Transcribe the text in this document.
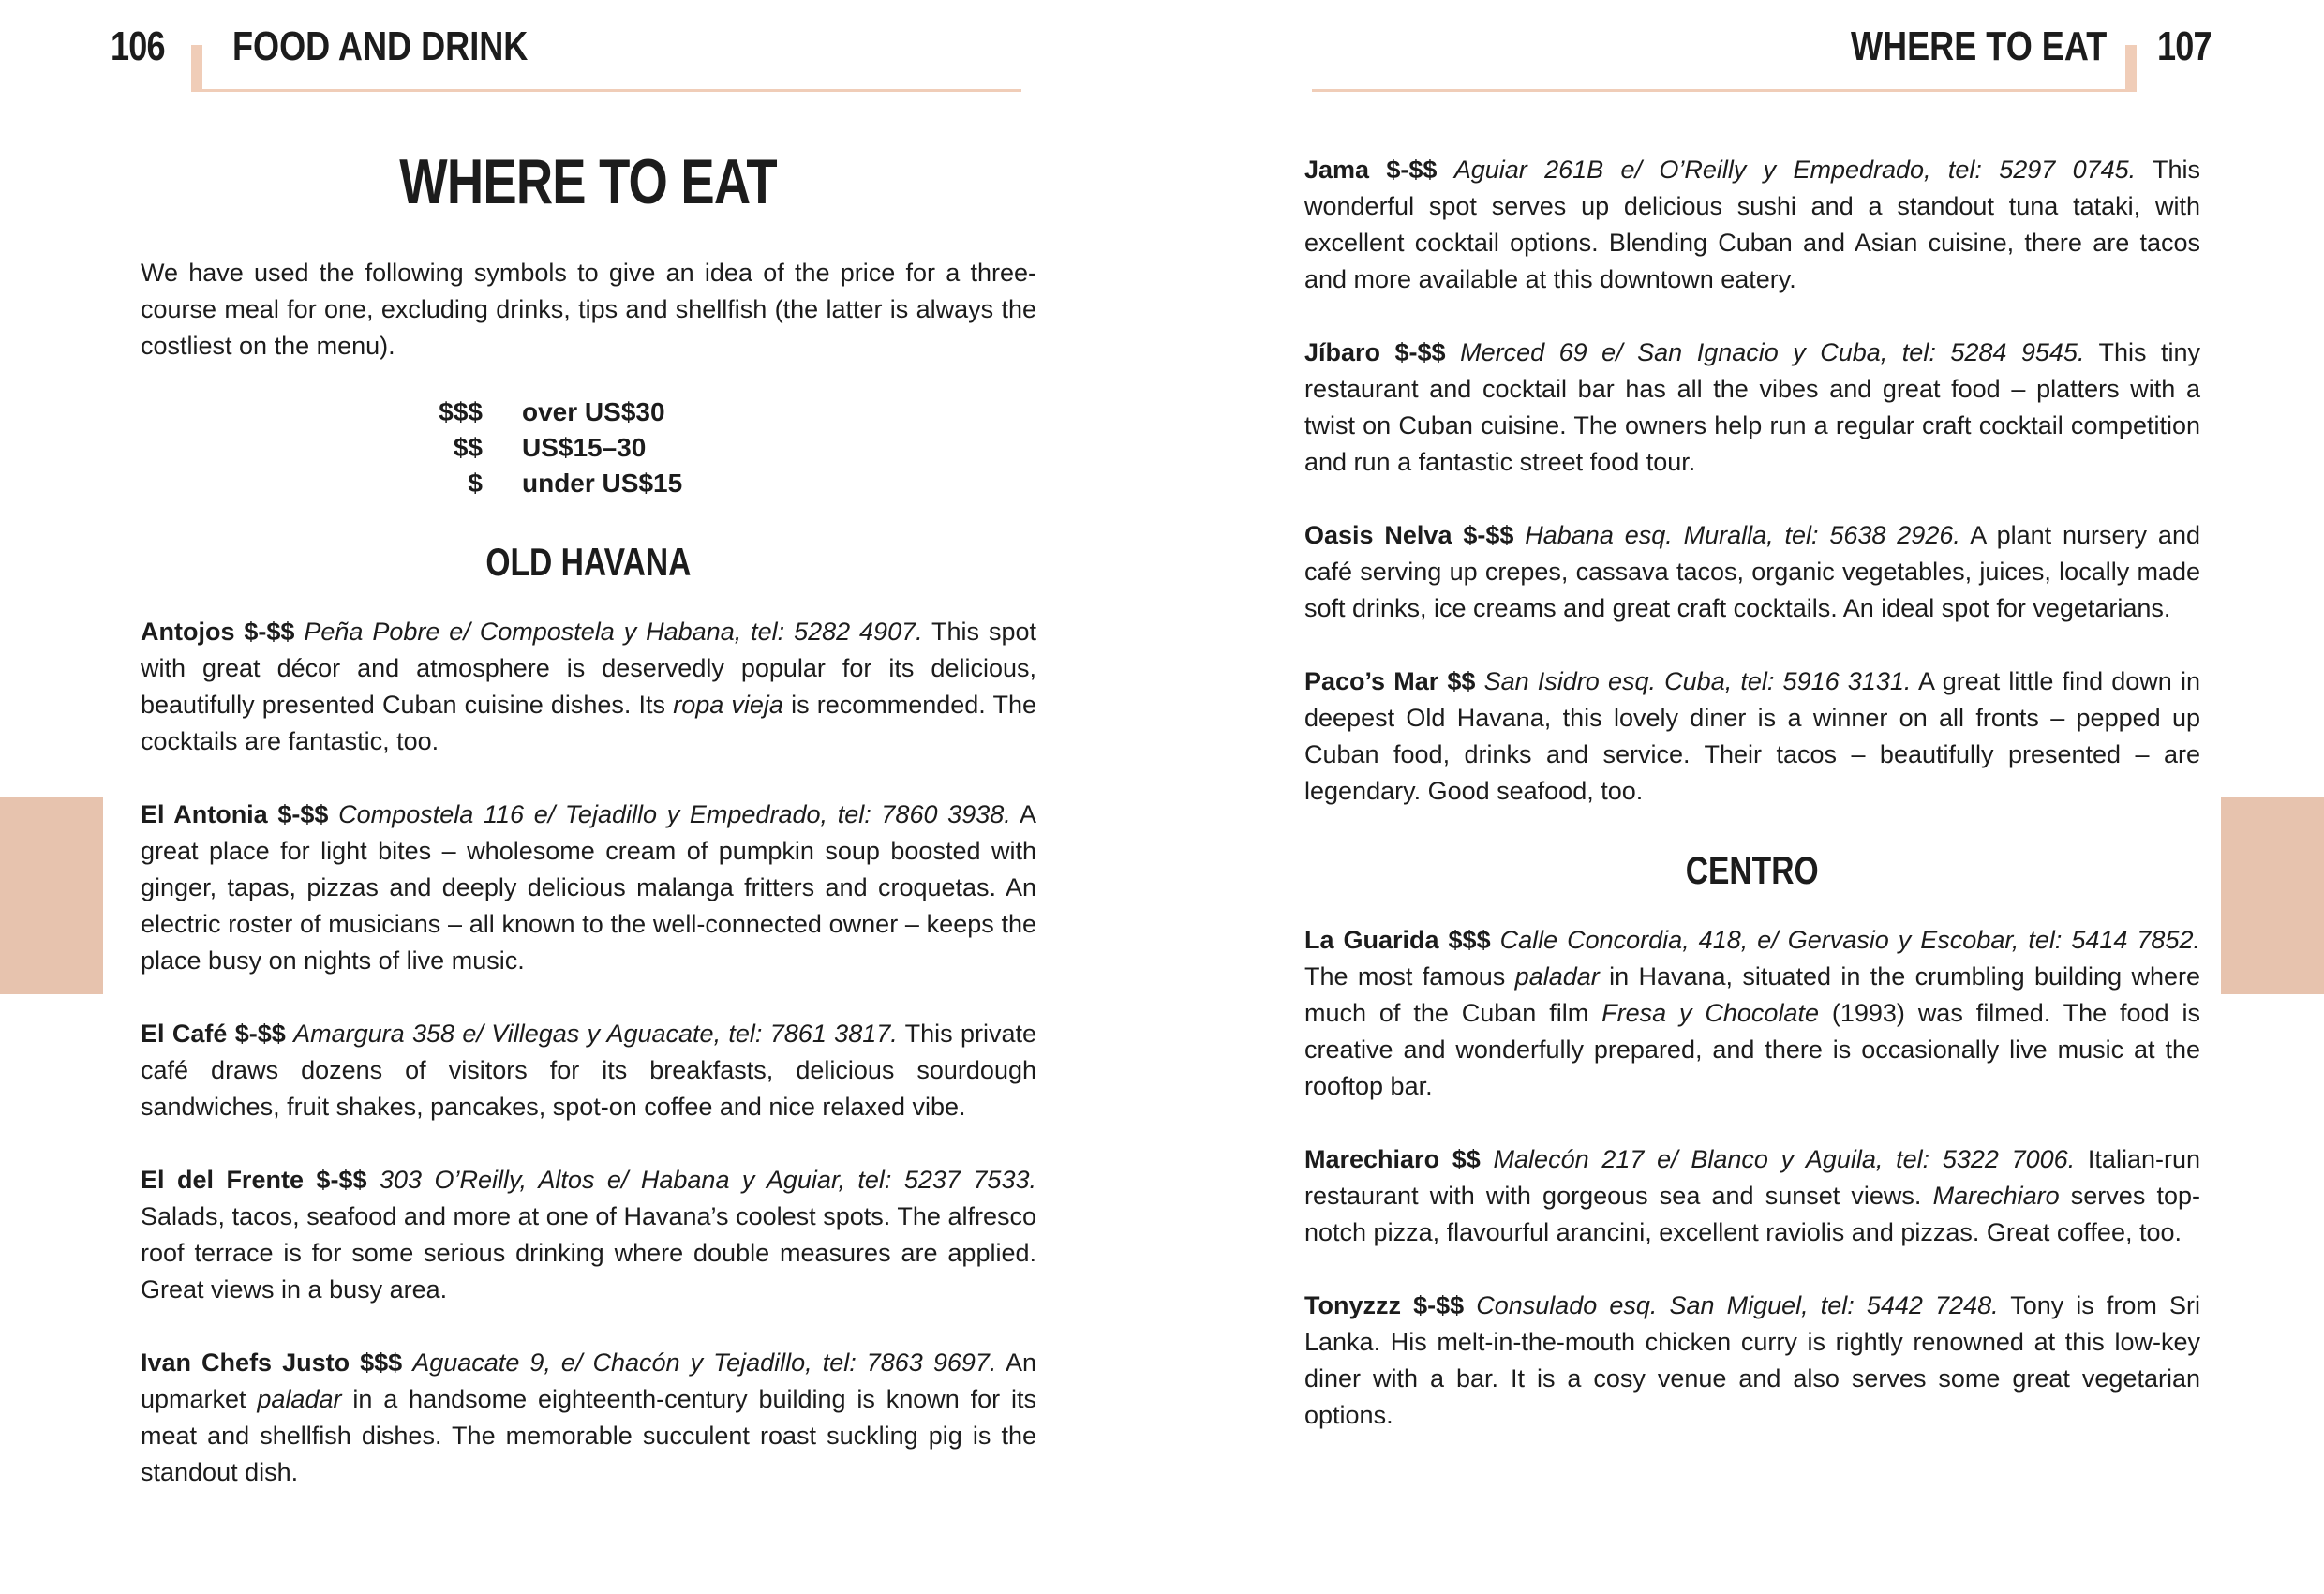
106 FOOD AND DRINK	WHERE TO EAT 107
WHERE TO EAT

We have used the following symbols to give an idea of the price for a three-course meal for one, excluding drinks, tips and shellfish (the latter is always the costliest on the menu).

$$$ over US$30
$$ US$15–30
$ under US$15
OLD HAVANA

Antojos $-$$ Peña Pobre e/ Compostela y Habana, tel: 5282 4907. This spot with great décor and atmosphere is deservedly popular for its delicious, beautifully presented Cuban cuisine dishes. Its ropa vieja is recommended. The cocktails are fantastic, too.

El Antonia $-$$ Compostela 116 e/ Tejadillo y Empedrado, tel: 7860 3938. A great place for light bites – wholesome cream of pumpkin soup boosted with ginger, tapas, pizzas and deeply delicious malanga fritters and croquetas. An electric roster of musicians – all known to the well-connected owner – keeps the place busy on nights of live music.

El Café $-$$ Amargura 358 e/ Villegas y Aguacate, tel: 7861 3817. This private café draws dozens of visitors for its breakfasts, delicious sourdough sandwiches, fruit shakes, pancakes, spot-on coffee and nice relaxed vibe.

El del Frente $-$$ 303 O’Reilly, Altos e/ Habana y Aguiar, tel: 5237 7533. Salads, tacos, seafood and more at one of Havana’s coolest spots. The alfresco roof terrace is for some serious drinking where double measures are applied. Great views in a busy area.

Ivan Chefs Justo $$$ Aguacate 9, e/ Chacón y Tejadillo, tel: 7863 9697. An upmarket paladar in a handsome eighteenth-century building is known for its meat and shellfish dishes. The memorable succulent roast suckling pig is the standout dish.

Jama $-$$ Aguiar 261B e/ O’Reilly y Empedrado, tel: 5297 0745. This wonderful spot serves up delicious sushi and a standout tuna tataki, with excellent cocktail options. Blending Cuban and Asian cuisine, there are tacos and more available at this downtown eatery.

Jíbaro $-$$ Merced 69 e/ San Ignacio y Cuba, tel: 5284 9545. This tiny restaurant and cocktail bar has all the vibes and great food – platters with a twist on Cuban cuisine. The owners help run a regular craft cocktail competition and run a fantastic street food tour.

Oasis Nelva $-$$ Habana esq. Muralla, tel: 5638 2926. A plant nursery and café serving up crepes, cassava tacos, organic vegetables, juices, locally made soft drinks, ice creams and great craft cocktails. An ideal spot for vegetarians.

Paco’s Mar $$ San Isidro esq. Cuba, tel: 5916 3131. A great little find down in deepest Old Havana, this lovely diner is a winner on all fronts – pepped up Cuban food, drinks and service. Their tacos – beautifully presented – are legendary. Good seafood, too.

CENTRO

La Guarida $$$ Calle Concordia, 418, e/ Gervasio y Escobar, tel: 5414 7852. The most famous paladar in Havana, situated in the crumbling building where much of the Cuban film Fresa y Chocolate (1993) was filmed. The food is creative and wonderfully prepared, and there is occasionally live music at the rooftop bar.

Marechiaro $$ Malecón 217 e/ Blanco y Aguila, tel: 5322 7006. Italian-run restaurant with with gorgeous sea and sunset views. Marechiaro serves top-notch pizza, flavourful arancini, excellent raviolis and pizzas. Great coffee, too.

Tonyzzz $-$$ Consulado esq. San Miguel, tel: 5442 7248. Tony is from Sri Lanka. His melt-in-the-mouth chicken curry is rightly renowned at this low-key diner with a bar. It is a cosy venue and also serves some great vegetarian options.
